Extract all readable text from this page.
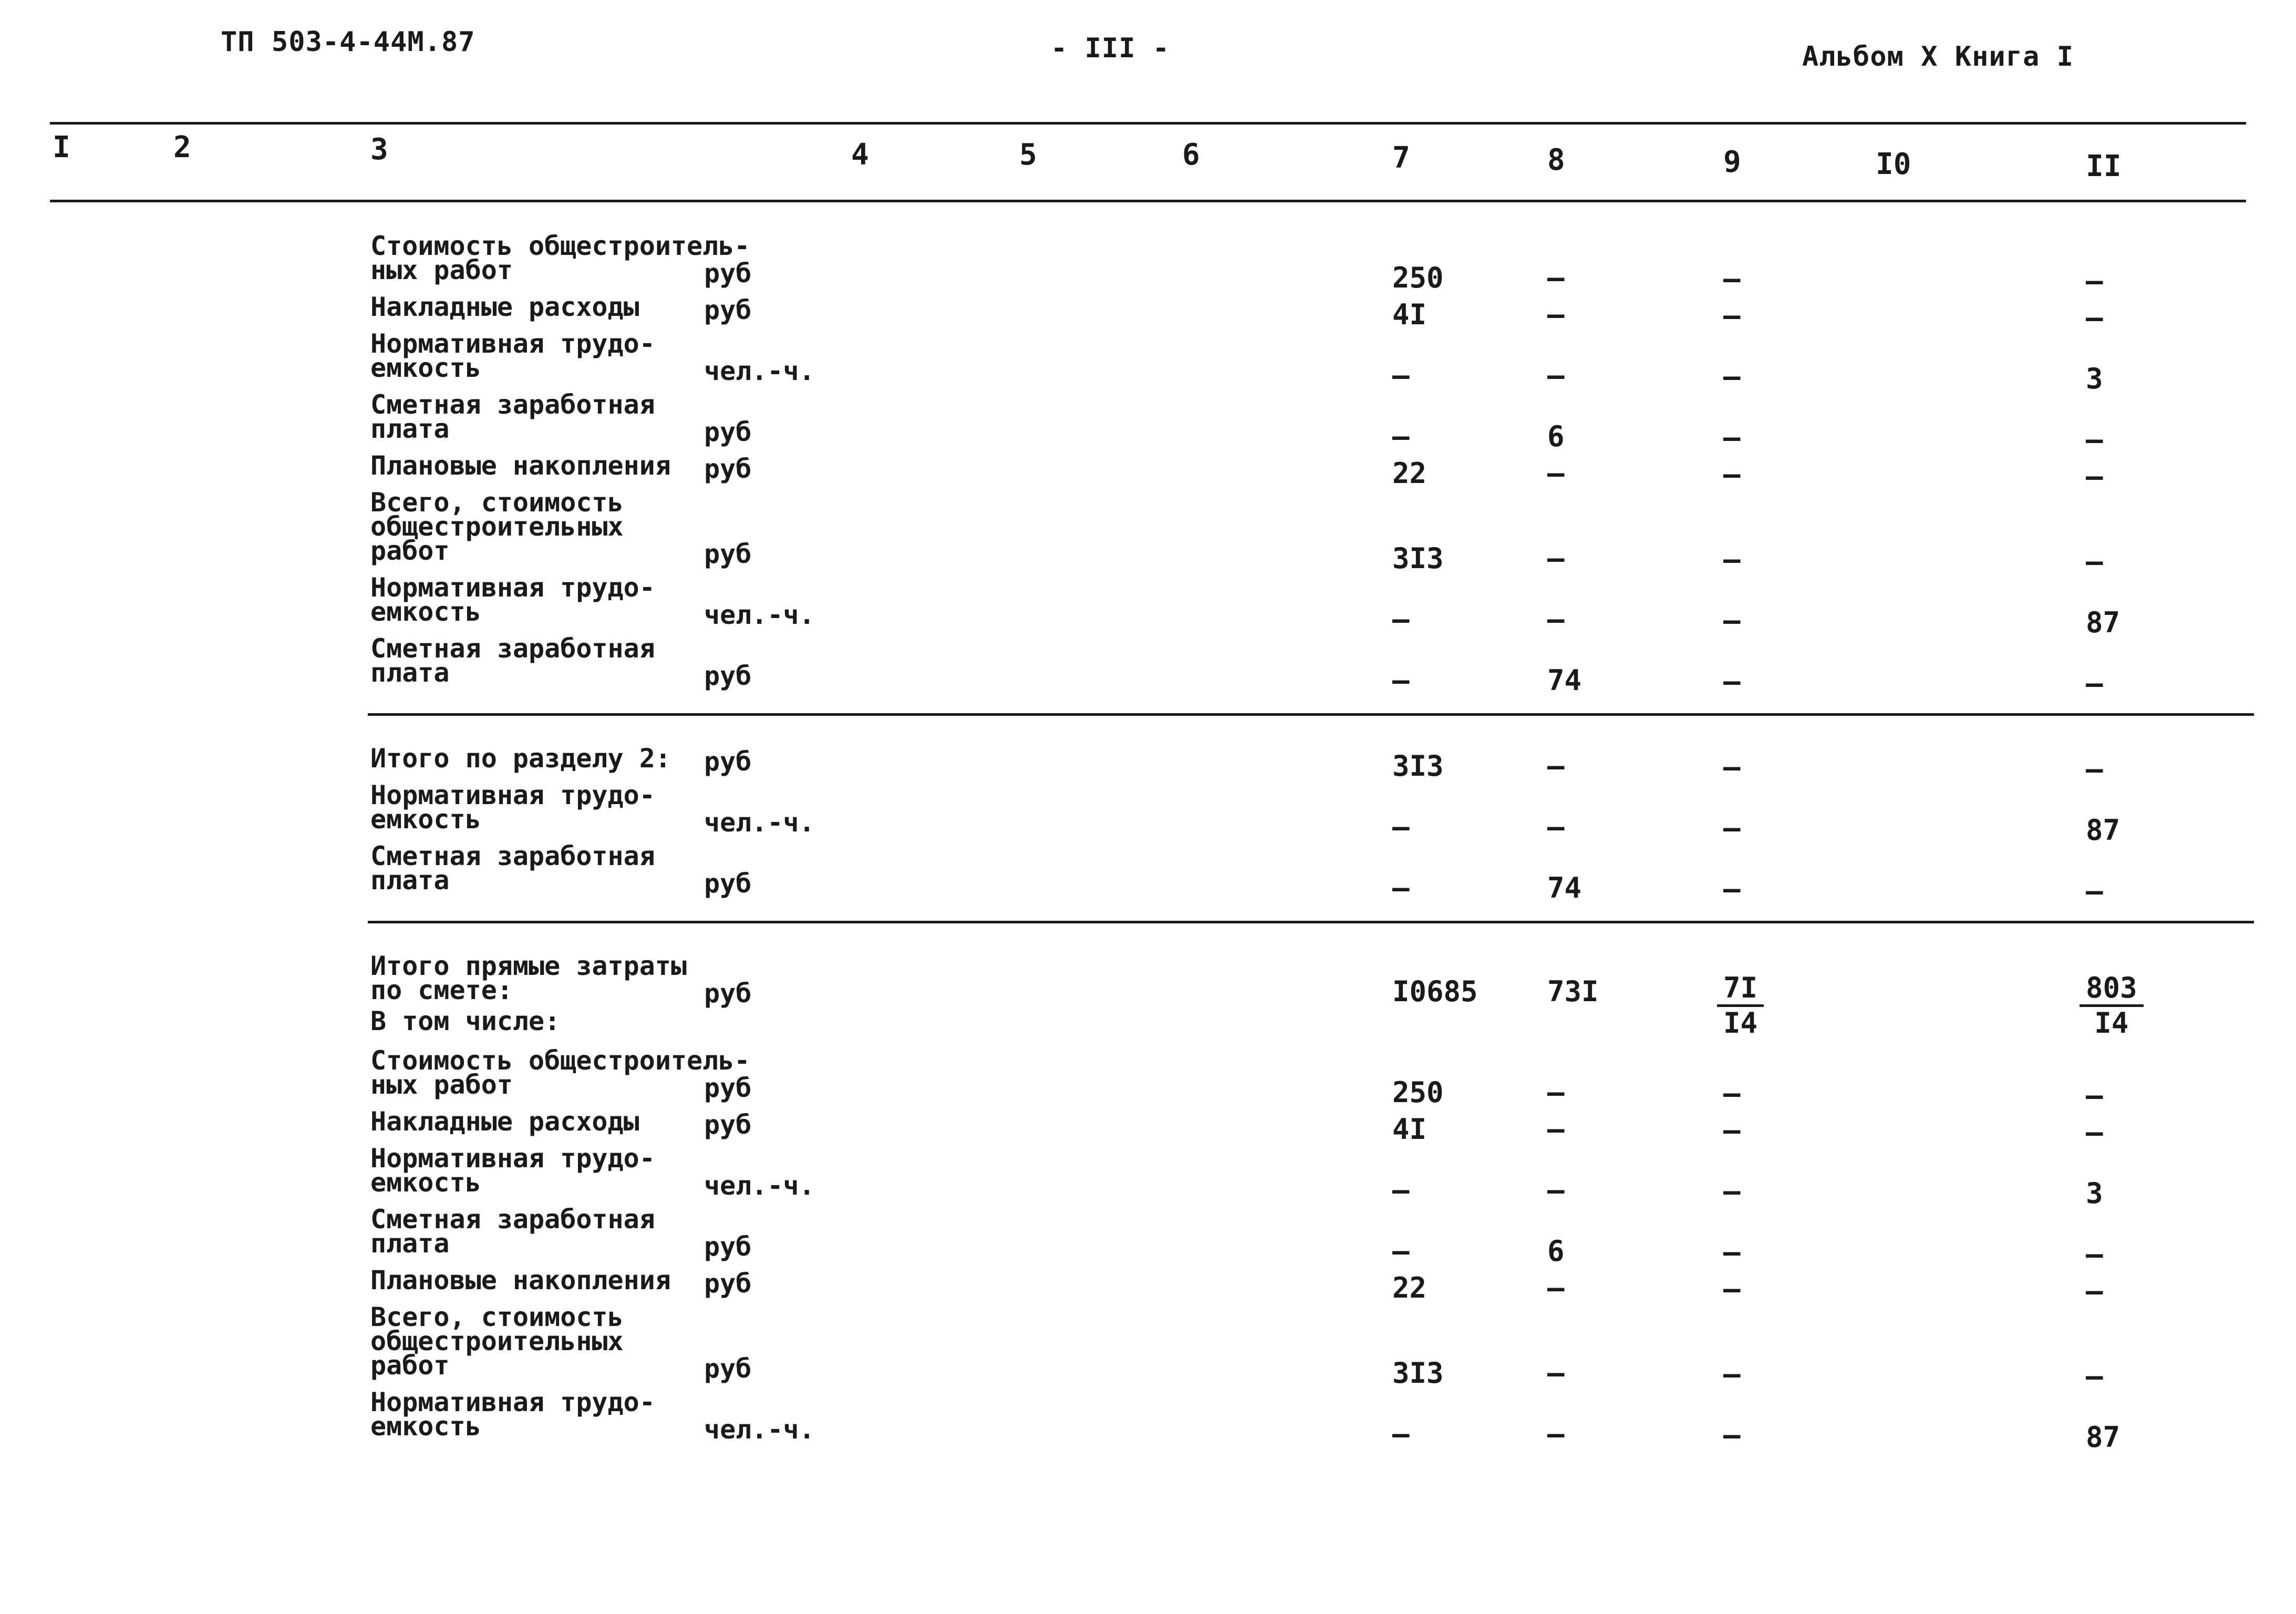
ТП 503-4-44М.87	- III -	Альбом X Книга I
I	2	3	4	5	6	7	8	9	I0	II
Стоимость общестроитель-
ных работ	руб	250	–	–	–
Накладные расходы руб	4I	–	–	–
Нормативная трудо-
емкость	чел.-ч.	–	–	–	3
Сметная заработная
плата	руб	–	6	–	–
Плановые накопления руб	22	–	–	–
Всего, стоимость
общестроительных
работ	руб	3I3	–	–	–
Нормативная трудо-
емкость	чел.-ч.	–	–	–	87
Сметная заработная
плата	руб	–	74	–	–
Итого по разделу 2: руб	3I3	–	–	–
Нормативная трудо-
емкость	чел.-ч.	–	–	–	87
Сметная заработная
плата	руб	–	74	–	–
Итого прямые затраты
по смете:	руб	I0685 73I	$\frac{7I}{I4}$	$\frac{803}{I4}$
В том числе:
Стоимость общестроитель-
ных работ	руб	250	–	–	–
Накладные расходы руб	4I	–	–	–
Нормативная трудо-
емкость	чел.-ч.	–	–	–	3
Сметная заработная
плата	руб	–	6	–	–
Плановые накопления руб	22	–	–	–
Всего, стоимость
общестроительных
работ	руб	3I3	–	–	–
Нормативная трудо-
емкость	чел.-ч.	–	–	–	87
